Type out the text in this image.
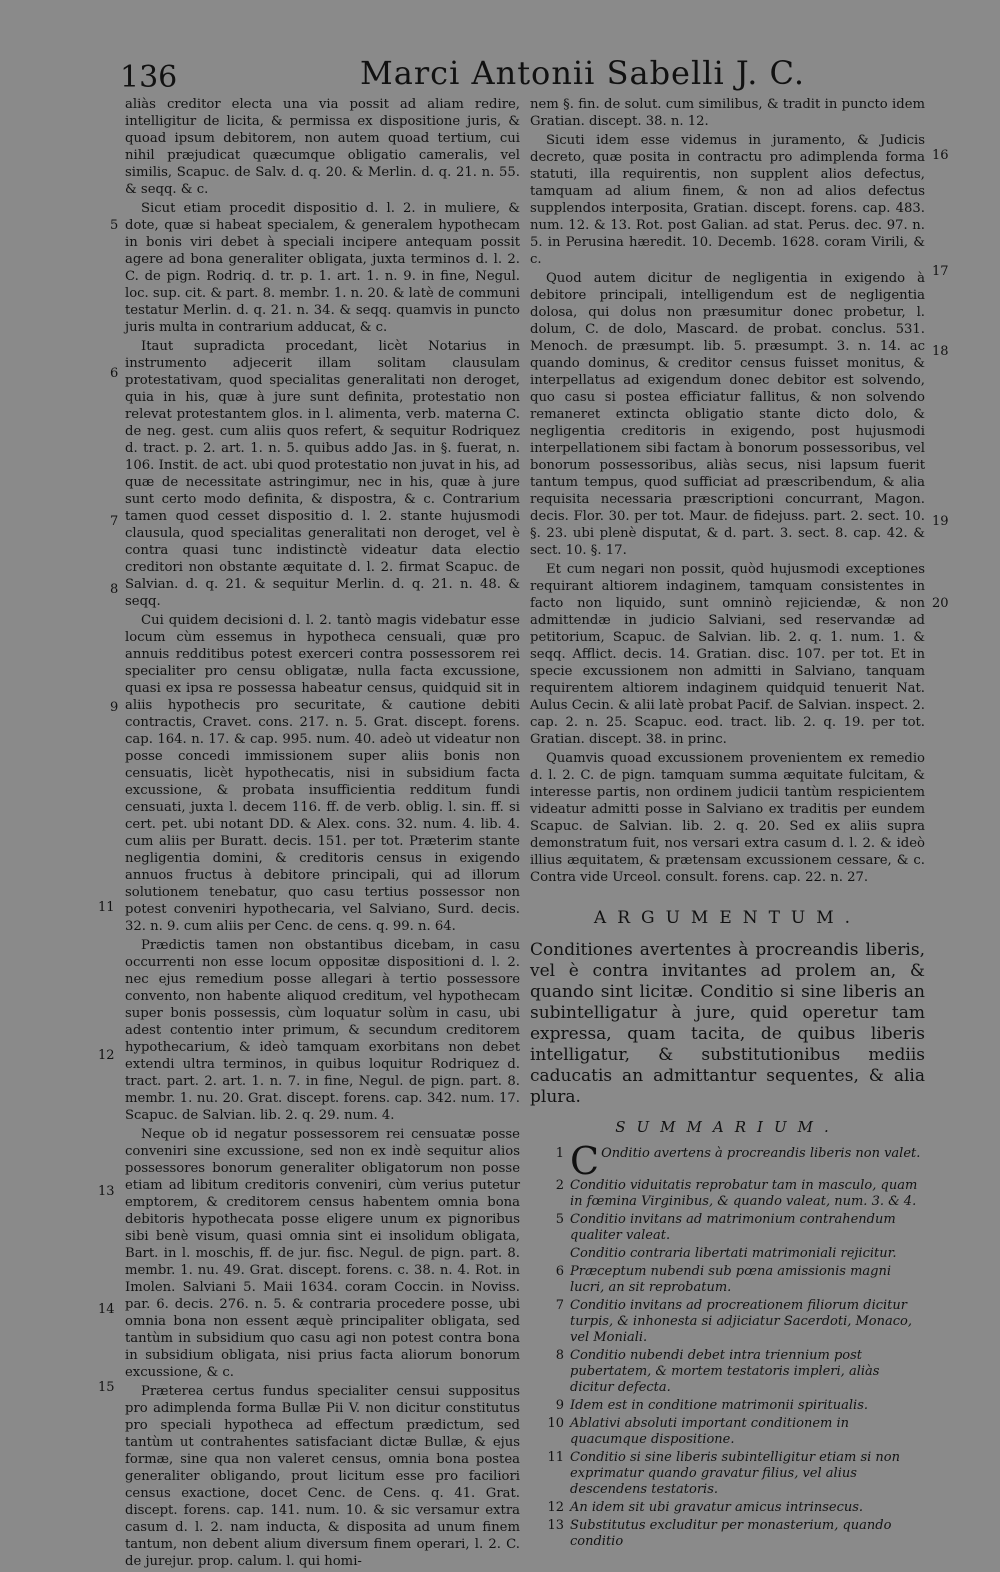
136	Marci Antonii Sabelli J. C.

aliàs creditor electa una via possit ad aliam redire, intelligitur de licita, & permissa ex dispositione juris, & quoad ipsum debitorem, non autem quoad tertium, cui nihil præjudicat quæcumque obligatio cameralis, vel similis, Scapuc. de Salv. d. q. 20. & Merlin. d. q. 21. n. 55. & seqq. & c.

Sicut etiam procedit dispositio d. l. 2. in muliere, & dote, quæ si habeat specialem, & generalem hypothecam in bonis viri debet à speciali incipere antequam possit agere ad bona generaliter obligata, juxta terminos d. l. 2. C. de pign. Rodriq. d. tr. p. 1. art. 1. n. 9. in fine, Negul. loc. sup. cit. & part. 8. membr. 1. n. 20. & latè de communi testatur Merlin. d. q. 21. n. 34. & seqq. quamvis in puncto juris multa in contrarium adducat, & c.

Itaut supradicta procedant, licèt Notarius in instrumento adjecerit illam solitam clausulam protestativam, quod specialitas generalitati non deroget, quia in his, quæ à jure sunt definita, protestatio non relevat protestantem glos. in l. alimenta, verb. materna C. de neg. gest. cum aliis quos refert, & sequitur Rodriquez d. tract. p. 2. art. 1. n. 5. quibus addo Jas. in §. fuerat, n. 106. Instit. de act. ubi quod protestatio non juvat in his, ad quæ de necessitate astringimur, nec in his, quæ à jure sunt certo modo definita, & dispostra, & c. Contrarium tamen quod cesset dispositio d. l. 2. stante hujusmodi clausula, quod specialitas generalitati non deroget, vel è contra quasi tunc indistinctè videatur data electio creditori non obstante æquitate d. l. 2. firmat Scapuc. de Salvian. d. q. 21. & sequitur Merlin. d. q. 21. n. 48. & seqq.

Cui quidem decisioni d. l. 2. tantò magis videbatur esse locum cùm essemus in hypotheca censuali, quæ pro annuis redditibus potest exerceri contra possessorem rei specialiter pro censu obligatæ, nulla facta excussione, quasi ex ipsa re possessa habeatur census, quidquid sit in aliis hypothecis pro securitate, & cautione debiti contractis, Cravet. cons. 217. n. 5. Grat. discept. forens. cap. 164. n. 17. & cap. 995. num. 40. adeò ut videatur non posse concedi immissionem super aliis bonis non censuatis, licèt hypothecatis, nisi in subsidium facta excussione, & probata insufficientia redditum fundi censuati, juxta l. decem 116. ff. de verb. oblig. l. sin. ff. si cert. pet. ubi notant DD. & Alex. cons. 32. num. 4. lib. 4. cum aliis per Buratt. decis. 151. per tot. Præterim stante negligentia domini, & creditoris census in exigendo annuos fructus à debitore principali, qui ad illorum solutionem tenebatur, quo casu tertius possessor non potest conveniri hypothecaria, vel Salviano, Surd. decis. 32. n. 9. cum aliis per Cenc. de cens. q. 99. n. 64.

Prædictis tamen non obstantibus dicebam, in casu occurrenti non esse locum oppositæ dispositioni d. l. 2. nec ejus remedium posse allegari à tertio possessore convento, non habente aliquod creditum, vel hypothecam super bonis possessis, cùm loquatur solùm in casu, ubi adest contentio inter primum, & secundum creditorem hypothecarium, & ideò tamquam exorbitans non debet extendi ultra terminos, in quibus loquitur Rodriquez d. tract. part. 2. art. 1. n. 7. in fine, Negul. de pign. part. 8. membr. 1. nu. 20. Grat. discept. forens. cap. 342. num. 17. Scapuc. de Salvian. lib. 2. q. 29. num. 4.

Neque ob id negatur possessorem rei censuatæ posse conveniri sine excussione, sed non ex indè sequitur alios possessores bonorum generaliter obligatorum non posse etiam ad libitum creditoris conveniri, cùm verius putetur emptorem, & creditorem census habentem omnia bona debitoris hypothecata posse eligere unum ex pignoribus sibi benè visum, quasi omnia sint ei insolidum obligata, Bart. in l. moschis, ff. de jur. fisc. Negul. de pign. part. 8. membr. 1. nu. 49. Grat. discept. forens. c. 38. n. 4. Rot. in Imolen. Salviani 5. Maii 1634. coram Coccin. in Noviss. par. 6. decis. 276. n. 5. & contraria procedere posse, ubi omnia bona non essent æquè principaliter obligata, sed tantùm in subsidium quo casu agi non potest contra bona in subsidium obligata, nisi prius facta aliorum bonorum excussione, & c.

Præterea certus fundus specialiter censui suppositus pro adimplenda forma Bullæ Pii V. non dicitur constitutus pro speciali hypotheca ad effectum prædictum, sed tantùm ut contrahentes satisfaciant dictæ Bullæ, & ejus formæ, sine qua non valeret census, omnia bona postea generaliter obligando, prout licitum esse pro faciliori census exactione, docet Cenc. de Cens. q. 41. Grat. discept. forens. cap. 141. num. 10. & sic versamur extra casum d. l. 2. nam inducta, & disposita ad unum finem tantum, non debent alium diversum finem operari, l. 2. C. de jurejur. prop. calum. l. qui homi-

5
6
7
8
9
11
12
13
14
15

nem §. fin. de solut. cum similibus, & tradit in puncto idem Gratian. discept. 38. n. 12.

Sicuti idem esse videmus in juramento, & Judicis decreto, quæ posita in contractu pro adimplenda forma statuti, illa requirentis, non supplent alios defectus, tamquam ad alium finem, & non ad alios defectus supplendos interposita, Gratian. discept. forens. cap. 483. num. 12. & 13. Rot. post Galian. ad stat. Perus. dec. 97. n. 5. in Perusina hæredit. 10. Decemb. 1628. coram Virili, & c.

Quod autem dicitur de negligentia in exigendo à debitore principali, intelligendum est de negligentia dolosa, qui dolus non præsumitur donec probetur, l. dolum, C. de dolo, Mascard. de probat. conclus. 531. Menoch. de præsumpt. lib. 5. præsumpt. 3. n. 14. ac quando dominus, & creditor census fuisset monitus, & interpellatus ad exigendum donec debitor est solvendo, quo casu si postea efficiatur fallitus, & non solvendo remaneret extincta obligatio stante dicto dolo, & negligentia creditoris in exigendo, post hujusmodi interpellationem sibi factam à bonorum possessoribus, vel bonorum possessoribus, aliàs secus, nisi lapsum fuerit tantum tempus, quod sufficiat ad præscribendum, & alia requisita necessaria præscriptioni concurrant, Magon. decis. Flor. 30. per tot. Maur. de fidejuss. part. 2. sect. 10. §. 23. ubi plenè disputat, & d. part. 3. sect. 8. cap. 42. & sect. 10. §. 17.

Et cum negari non possit, quòd hujusmodi exceptiones requirant altiorem indaginem, tamquam consistentes in facto non liquido, sunt omninò rejiciendæ, & non admittendæ in judicio Salviani, sed reservandæ ad petitorium, Scapuc. de Salvian. lib. 2. q. 1. num. 1. & seqq. Afflict. decis. 14. Gratian. disc. 107. per tot. Et in specie excussionem non admitti in Salviano, tanquam requirentem altiorem indaginem quidquid tenuerit Nat. Aulus Cecin. & alii latè probat Pacif. de Salvian. inspect. 2. cap. 2. n. 25. Scapuc. eod. tract. lib. 2. q. 19. per tot. Gratian. discept. 38. in princ.

Quamvis quoad excussionem provenientem ex remedio d. l. 2. C. de pign. tamquam summa æquitate fulcitam, & interesse partis, non ordinem judicii tantùm respicientem videatur admitti posse in Salviano ex traditis per eundem Scapuc. de Salvian. lib. 2. q. 20. Sed ex aliis supra demonstratum fuit, nos versari extra casum d. l. 2. & ideò illius æquitatem, & prætensam excussionem cessare, & c. Contra vide Urceol. consult. forens. cap. 22. n. 27.

ARGUMENTUM.
Conditiones avertentes à procreandis liberis, vel è contra invitantes ad prolem an, & quando sint licitæ. Conditio si sine liberis an subintelligatur à jure, quid operetur tam expressa, quam tacita, de quibus liberis intelligatur, & substitutionibus mediis caducatis an admittantur sequentes, & alia plura.
SUMMARIUM.
1 C Onditio avertens à procreandis liberis non valet.
2 Conditio viduitatis reprobatur tam in masculo, quam in fœmina Virginibus, & quando valeat, num. 3. & 4.
5 Conditio invitans ad matrimonium contrahendum qualiter valeat.
Conditio contraria libertati matrimoniali rejicitur.
6 Præceptum nubendi sub pœna amissionis magni lucri, an sit reprobatum.
7 Conditio invitans ad procreationem filiorum dicitur turpis, & inhonesta si adjiciatur Sacerdoti, Monaco, vel Moniali.
8 Conditio nubendi debet intra triennium post pubertatem, & mortem testatoris impleri, aliàs dicitur defecta.
9 Idem est in conditione matrimonii spiritualis.
10 Ablativi absoluti important conditionem in quacumque dispositione.
11 Conditio si sine liberis subintelligitur etiam si non exprimatur quando gravatur filius, vel alius descendens testatoris.
12 An idem sit ubi gravatur amicus intrinsecus.
13 Substitutus excluditur per monasterium, quando conditio
16
17
18
19
20
